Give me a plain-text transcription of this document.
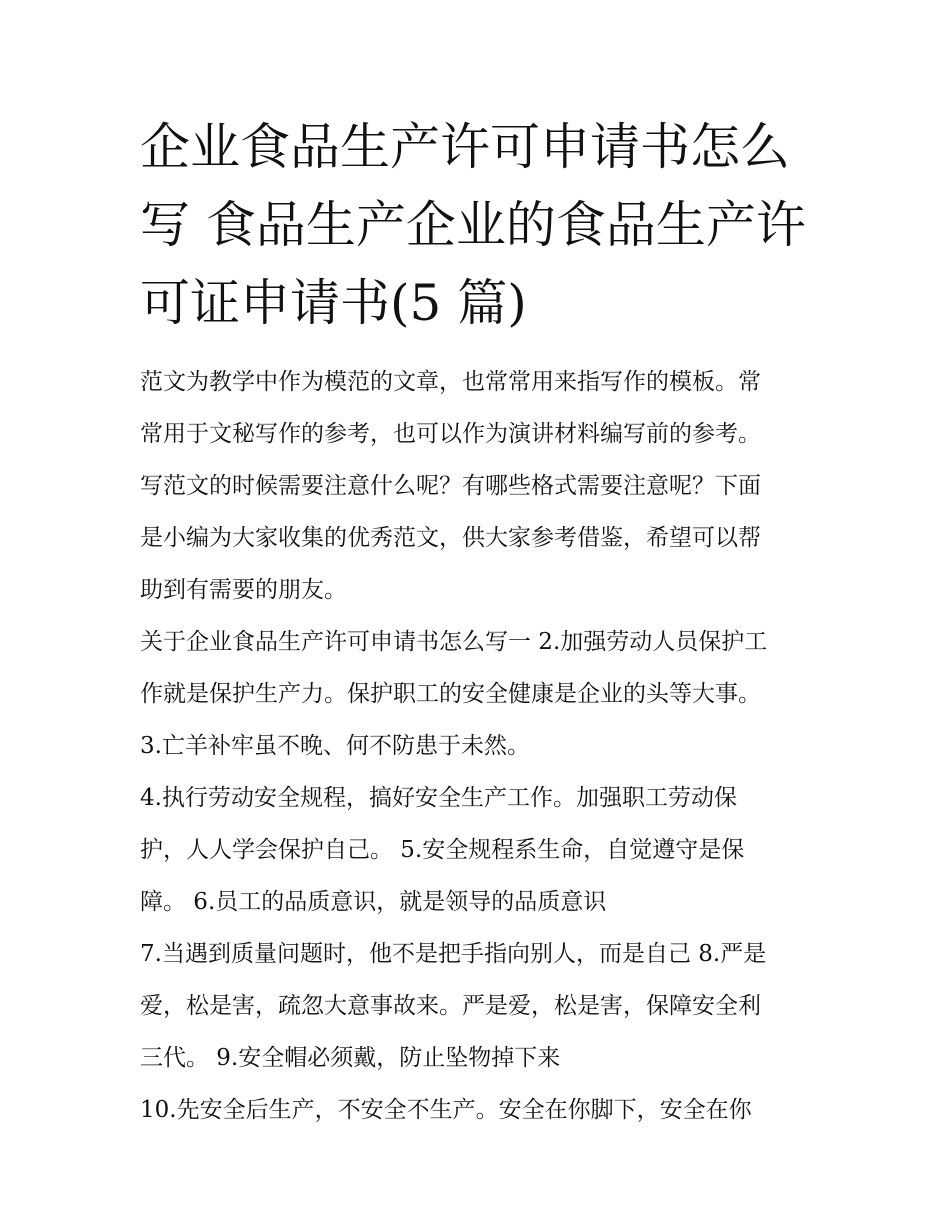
企业食品生产许可申请书怎么
写 食品生产企业的食品生产许
可证申请书(5 篇)
范文为教学中作为模范的文章，也常常用来指写作的模板。常
常用于文秘写作的参考，也可以作为演讲材料编写前的参考。
写范文的时候需要注意什么呢？有哪些格式需要注意呢？下面
是小编为大家收集的优秀范文，供大家参考借鉴，希望可以帮
助到有需要的朋友。
关于企业食品生产许可申请书怎么写一 2.加强劳动人员保护工
作就是保护生产力。保护职工的安全健康是企业的头等大事。
3.亡羊补牢虽不晚、何不防患于未然。
4.执行劳动安全规程，搞好安全生产工作。加强职工劳动保
护，人人学会保护自己。 5.安全规程系生命，自觉遵守是保
障。 6.员工的品质意识，就是领导的品质意识
7.当遇到质量问题时，他不是把手指向别人，而是自己 8.严是
爱，松是害，疏忽大意事故来。严是爱，松是害，保障安全利
三代。 9.安全帽必须戴，防止坠物掉下来
10.先安全后生产，不安全不生产。安全在你脚下，安全在你
